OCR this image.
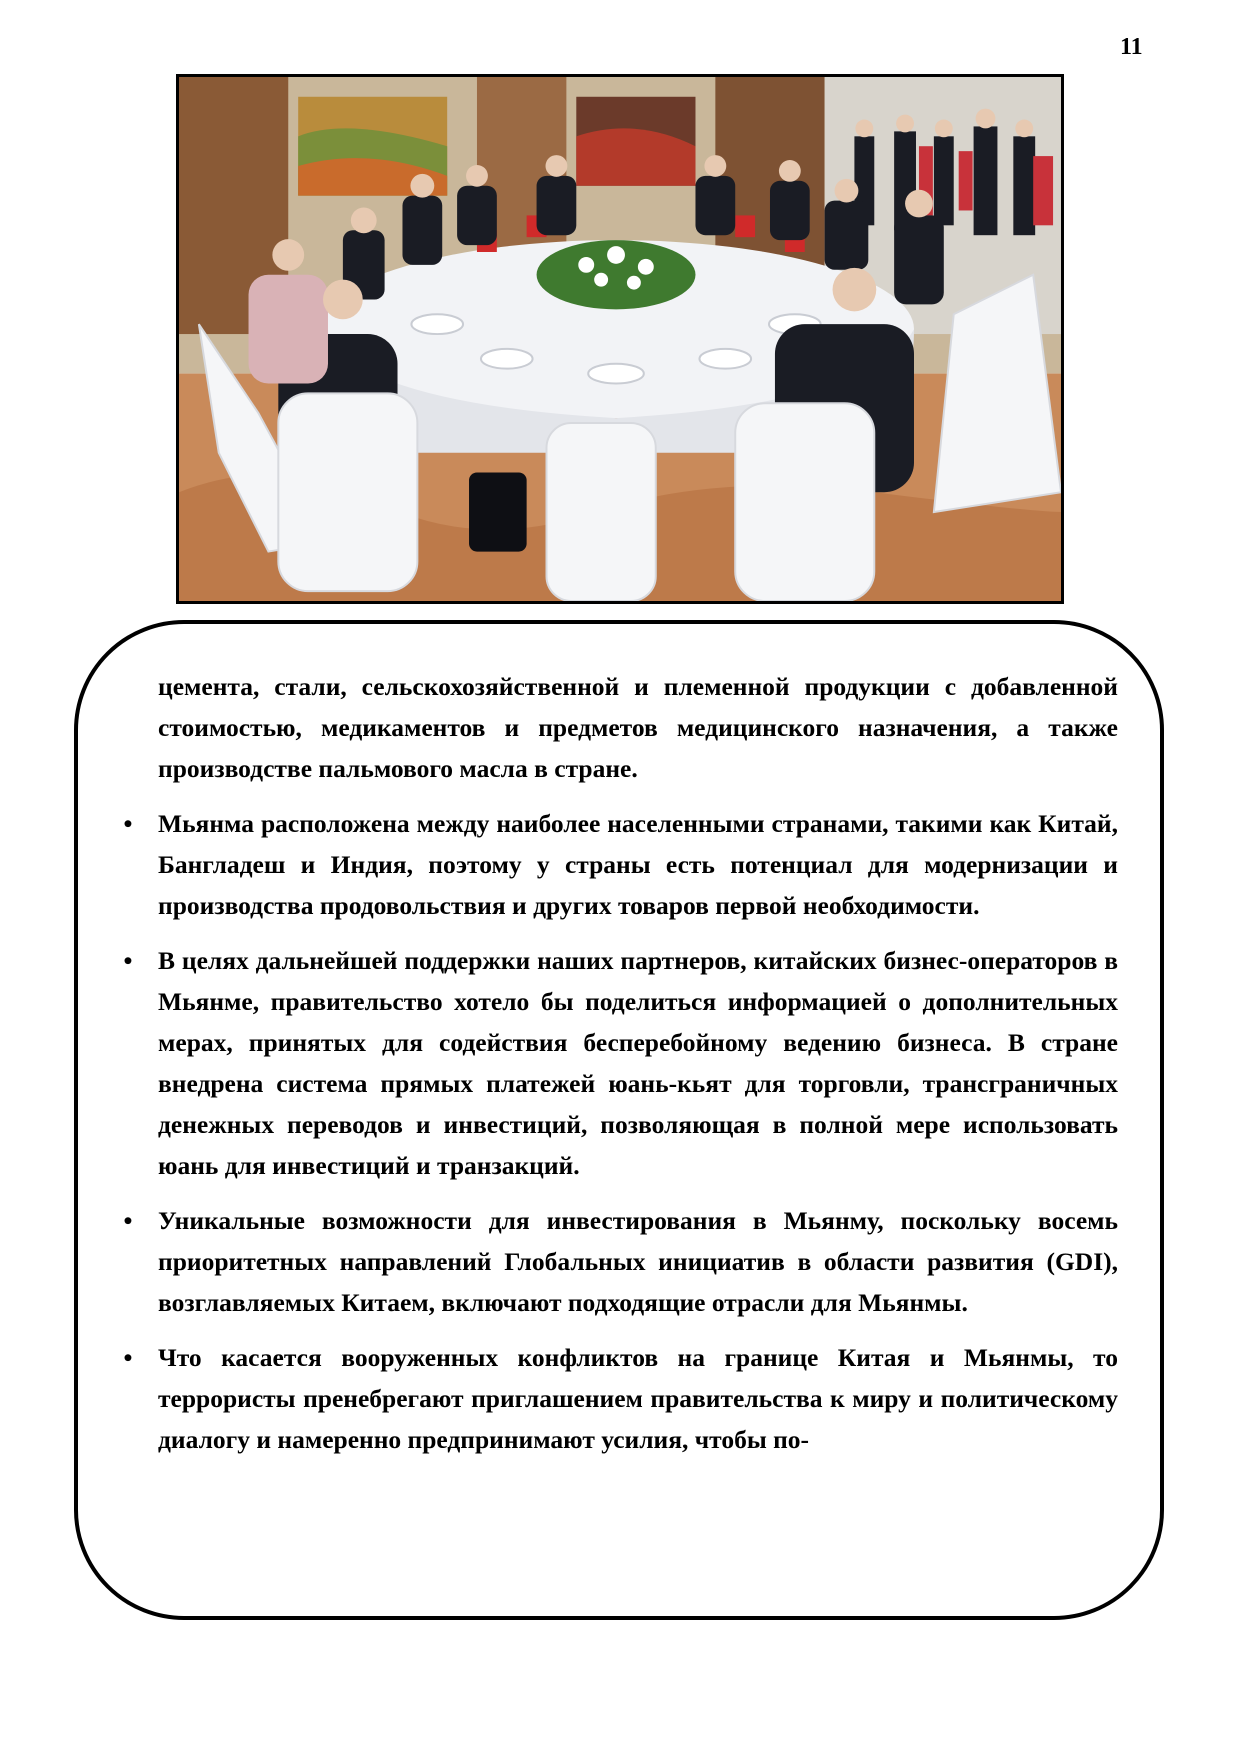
11

цемента, стали, сельскохозяйственной и племенной продукции с добавленной стоимостью, медикаментов и предметов медицинского назначения, а также производстве пальмового масла в стране.

• Мьянма расположена между наиболее населенными странами, такими как Китай, Бангладеш и Индия, поэтому у страны есть потенциал для модернизации и производства продовольствия и других товаров первой необходимости.
• В целях дальнейшей поддержки наших партнеров, китайских бизнес-операторов в Мьянме, правительство хотело бы поделиться информацией о дополнительных мерах, принятых для содействия бесперебойному ведению бизнеса. В стране внедрена система прямых платежей юань-кьят для торговли, трансграничных денежных переводов и инвестиций, позволяющая в полной мере использовать юань для инвестиций и транзакций.
• Уникальные возможности для инвестирования в Мьянму, поскольку восемь приоритетных направлений Глобальных инициатив в области развития (GDI), возглавляемых Китаем, включают подходящие отрасли для Мьянмы.
• Что касается вооруженных конфликтов на границе Китая и Мьянмы, то террористы пренебрегают приглашением правительства к миру и политическому диалогу и намеренно предпринимают усилия, чтобы по-
